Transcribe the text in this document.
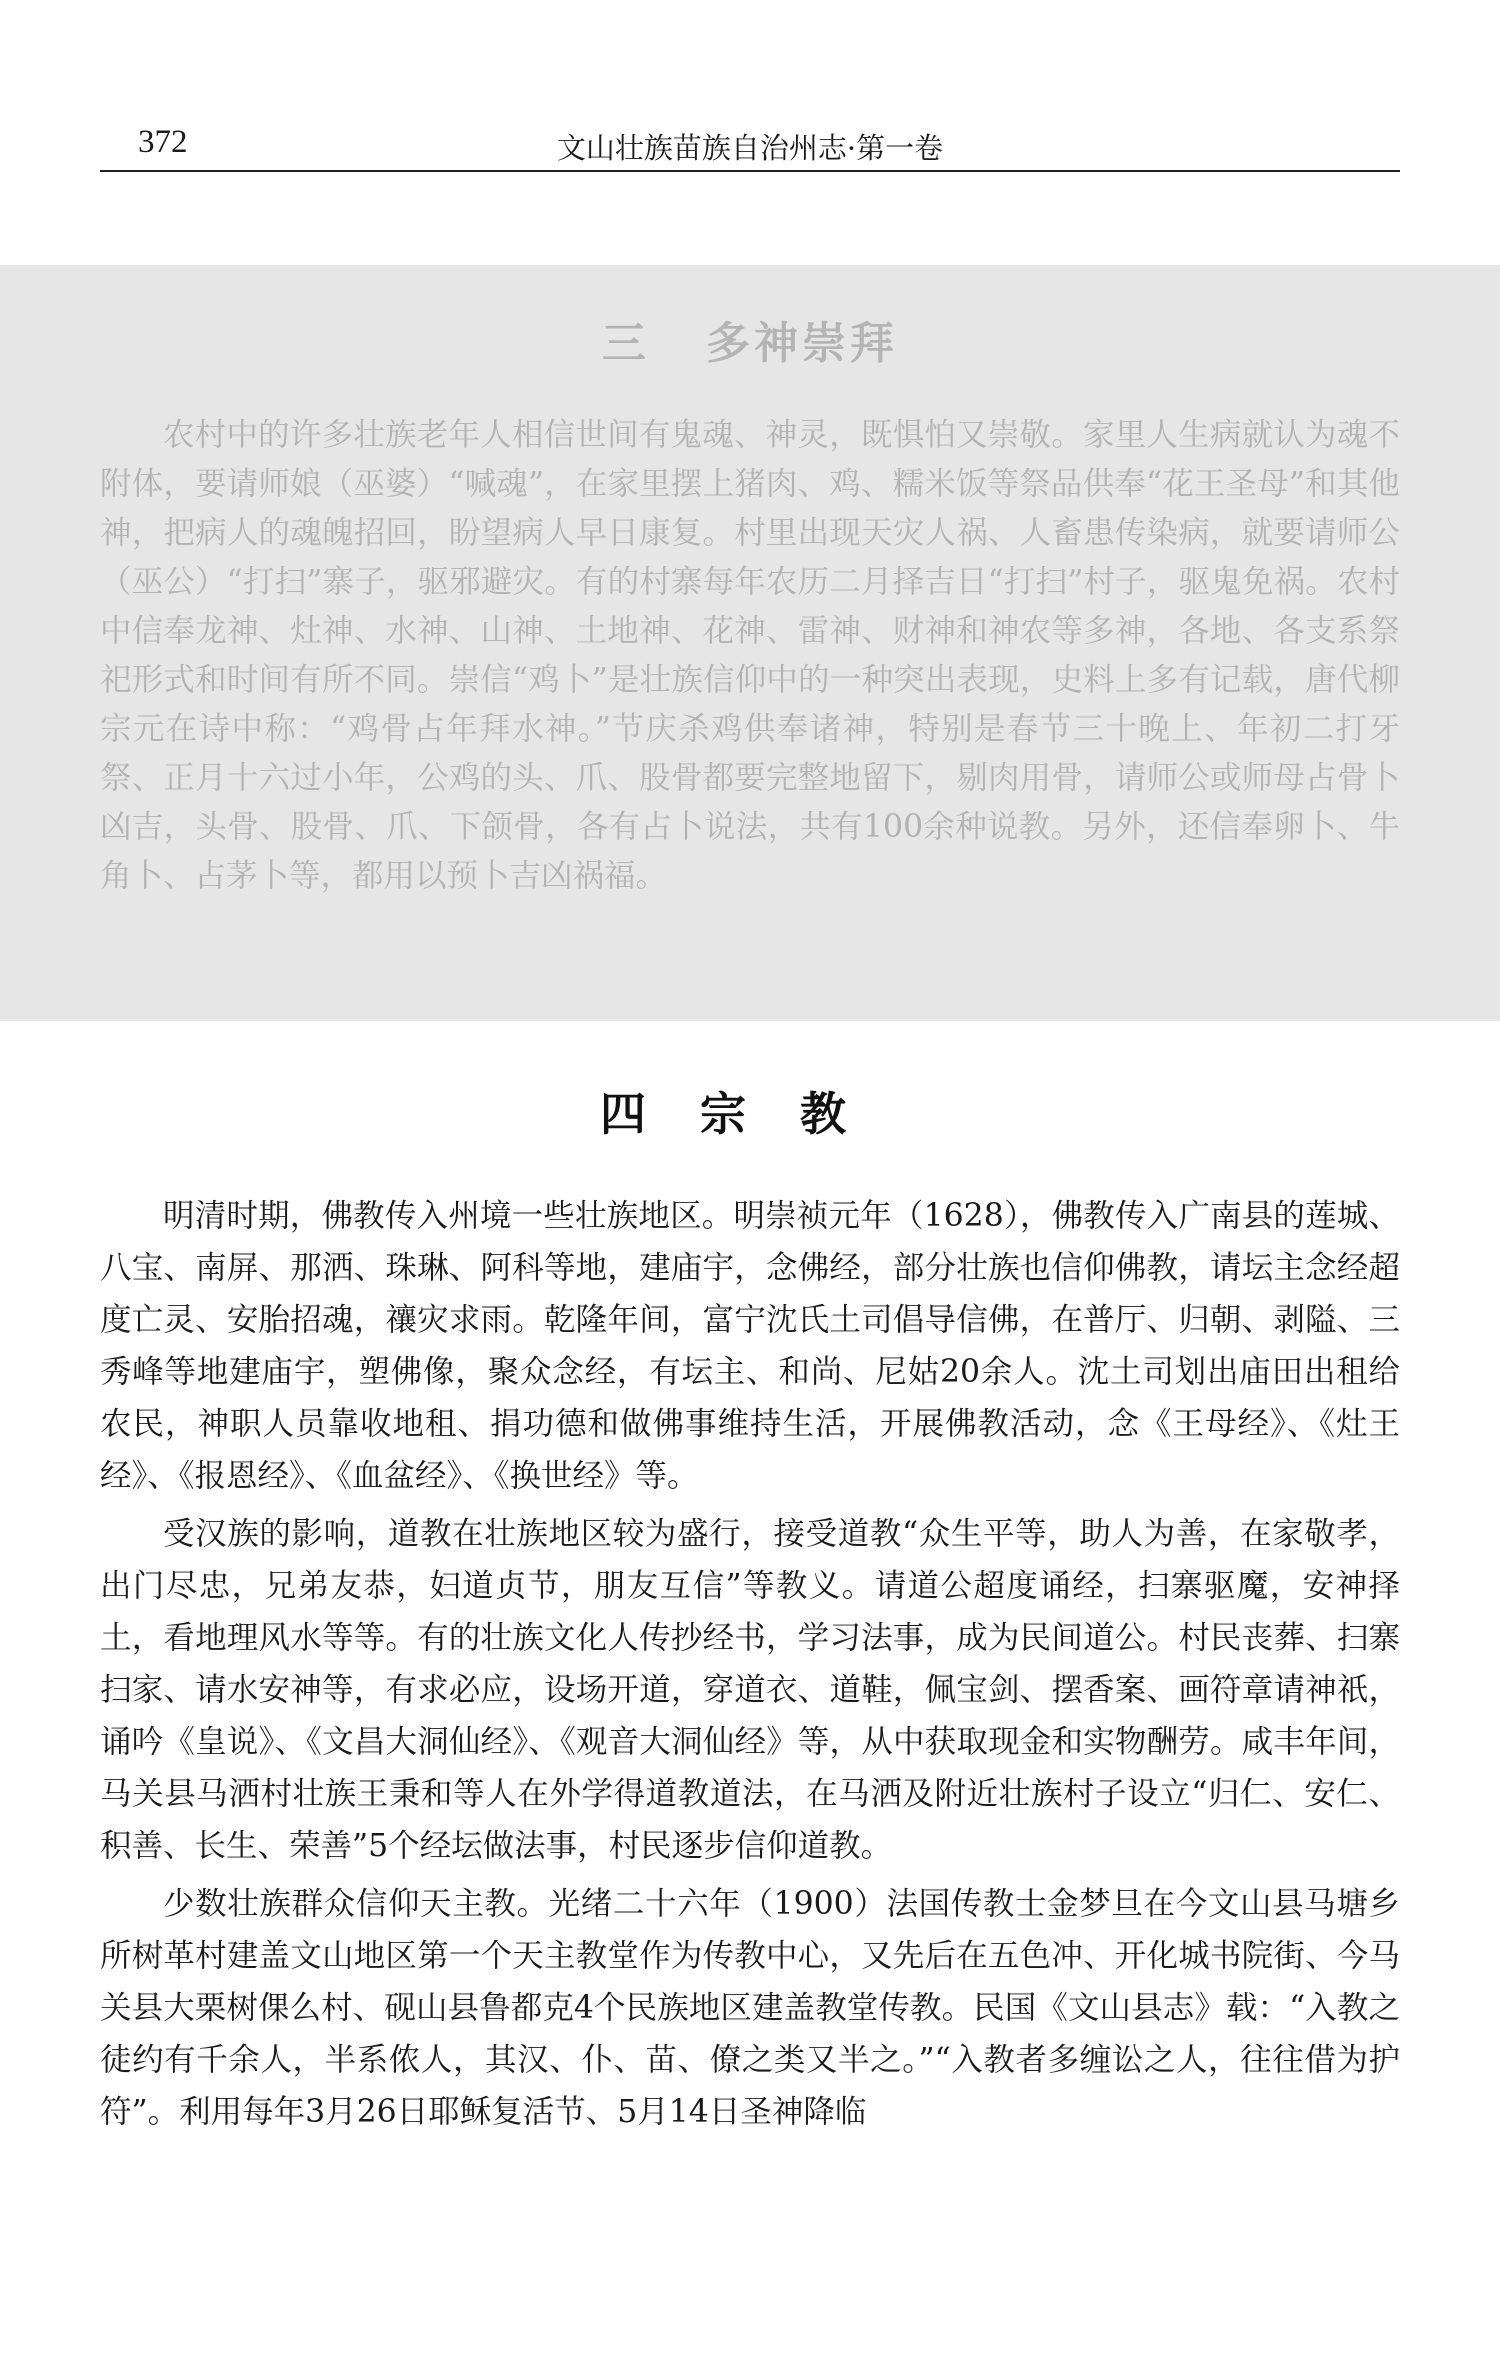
372	文山壮族苗族自治州志·第一卷
三 多神崇拜

农村中的许多壮族老年人相信世间有鬼魂、神灵，既惧怕又崇敬。家里人生病就认为魂不附体，要请师娘（巫婆）“喊魂”，在家里摆上猪肉、鸡、糯米饭等祭品供奉“花王圣母”和其他神，把病人的魂魄招回，盼望病人早日康复。村里出现天灾人祸、人畜患传染病，就要请师公（巫公）“打扫”寨子，驱邪避灾。有的村寨每年农历二月择吉日“打扫”村子，驱鬼免祸。农村中信奉龙神、灶神、水神、山神、土地神、花神、雷神、财神和神农等多神，各地、各支系祭祀形式和时间有所不同。崇信“鸡卜”是壮族信仰中的一种突出表现，史料上多有记载，唐代柳宗元在诗中称：“鸡骨占年拜水神。”节庆杀鸡供奉诸神，特别是春节三十晚上、年初二打牙祭、正月十六过小年，公鸡的头、爪、股骨都要完整地留下，剔肉用骨，请师公或师母占骨卜凶吉，头骨、股骨、爪、下颌骨，各有占卜说法，共有100余种说教。另外，还信奉卵卜、牛角卜、占茅卜等，都用以预卜吉凶祸福。

四宗教

明清时期，佛教传入州境一些壮族地区。明崇祯元年（1628），佛教传入广南县的莲城、八宝、南屏、那洒、珠琳、阿科等地，建庙宇，念佛经，部分壮族也信仰佛教，请坛主念经超度亡灵、安胎招魂，禳灾求雨。乾隆年间，富宁沈氏土司倡导信佛，在普厅、归朝、剥隘、三秀峰等地建庙宇，塑佛像，聚众念经，有坛主、和尚、尼姑20余人。沈土司划出庙田出租给农民，神职人员靠收地租、捐功德和做佛事维持生活，开展佛教活动，念《王母经》、《灶王经》、《报恩经》、《血盆经》、《换世经》等。

受汉族的影响，道教在壮族地区较为盛行，接受道教“众生平等，助人为善，在家敬孝，出门尽忠，兄弟友恭，妇道贞节，朋友互信”等教义。请道公超度诵经，扫寨驱魔，安神择土，看地理风水等等。有的壮族文化人传抄经书，学习法事，成为民间道公。村民丧葬、扫寨扫家、请水安神等，有求必应，设场开道，穿道衣、道鞋，佩宝剑、摆香案、画符章请神祇，诵吟《皇说》、《文昌大洞仙经》、《观音大洞仙经》等，从中获取现金和实物酬劳。咸丰年间，马关县马洒村壮族王秉和等人在外学得道教道法，在马洒及附近壮族村子设立“归仁、安仁、积善、长生、荣善”5个经坛做法事，村民逐步信仰道教。

少数壮族群众信仰天主教。光绪二十六年（1900）法国传教士金梦旦在今文山县马塘乡所树革村建盖文山地区第一个天主教堂作为传教中心，又先后在五色冲、开化城书院街、今马关县大栗树倮么村、砚山县鲁都克4个民族地区建盖教堂传教。民国《文山县志》载：“入教之徒约有千余人，半系侬人，其汉、仆、苗、僚之类又半之。”“入教者多缠讼之人，往往借为护符”。利用每年3月26日耶稣复活节、5月14日圣神降临
